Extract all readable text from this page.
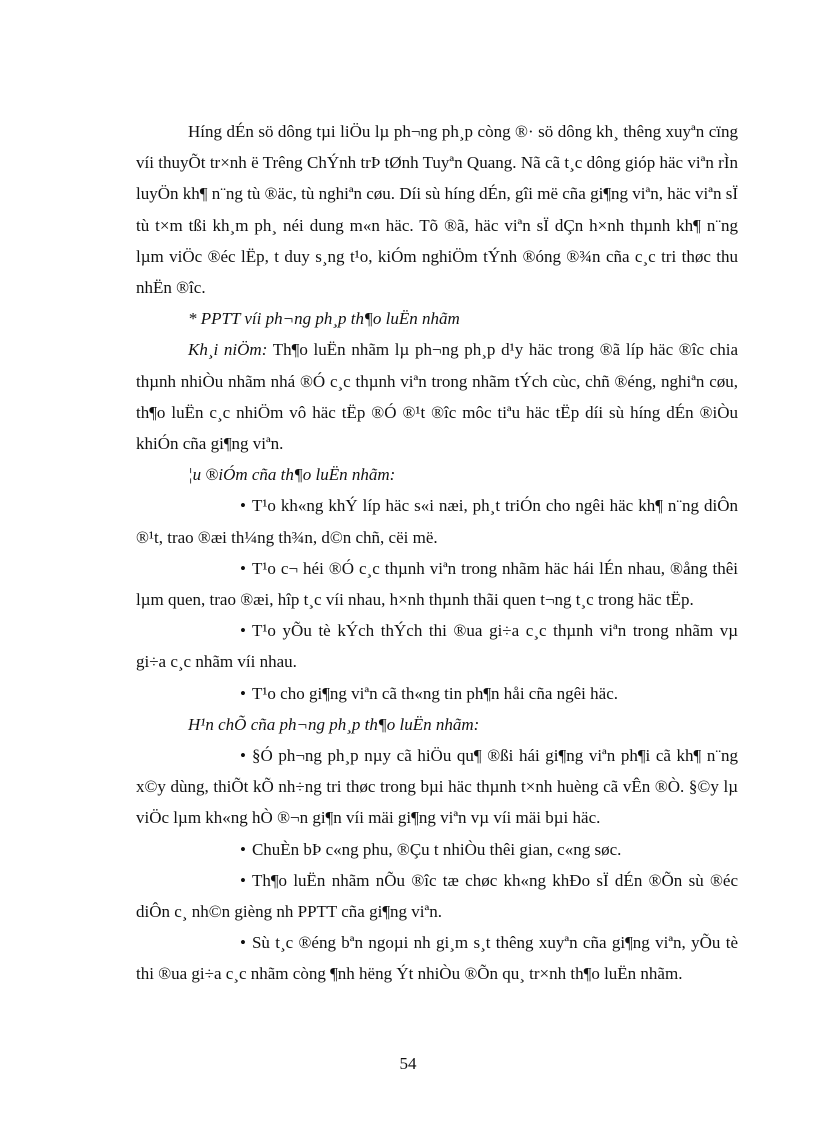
Híng dÉn sö dông tµi liÖu lµ ph¬ng ph¸p còng ®· sö dông kh¸ thêng xuyªn cïng víi thuyÕt tr×nh ë Trêng ChÝnh trÞ tØnh Tuyªn Quang. Nã cã t¸c dông gióp häc viªn rÌn luyÖn kh¶ n¨ng tù ®äc, tù nghiªn cøu. Díi sù híng dÉn, gîi më cña gi¶ng viªn, häc viªn sÏ tù t×m tßi kh¸m ph¸ néi dung m«n häc. Tõ ®ã, häc viªn sÏ dÇn h×nh thµnh kh¶ n¨ng lµm viÖc ®éc lËp, t duy s¸ng t¹o, kiÓm nghiÖm tÝnh ®óng ®¾n cña c¸c tri thøc thu nhËn ®îc.

* PPTT víi ph¬ng ph¸p th¶o luËn nhãm

Kh¸i niÖm: Th¶o luËn nhãm lµ ph¬ng ph¸p d¹y häc trong ®ã líp häc ®îc chia thµnh nhiÒu nhãm nhá ®Ó c¸c thµnh viªn trong nhãm tÝch cùc, chñ ®éng, nghiªn cøu, th¶o luËn c¸c nhiÖm vô häc tËp ®Ó ®¹t ®îc môc tiªu häc tËp díi sù híng dÉn ®iÒu khiÓn cña gi¶ng viªn.

¦u ®iÓm cña th¶o luËn nhãm:

• T¹o kh«ng khÝ líp häc s«i næi, ph¸t triÓn cho ngêi häc kh¶ n¨ng diÔn ®¹t, trao ®æi th¼ng th¾n, d©n chñ, cëi më.

• T¹o c¬ héi ®Ó c¸c thµnh viªn trong nhãm häc hái lÉn nhau, ®ång thêi lµm quen, trao ®æi, hîp t¸c víi nhau, h×nh thµnh thãi quen t¬ng t¸c trong häc tËp.

• T¹o yÕu tè kÝch thÝch thi ®ua gi÷a c¸c thµnh viªn trong nhãm vµ gi÷a c¸c nhãm víi nhau.

• T¹o cho gi¶ng viªn cã th«ng tin ph¶n håi cña ngêi häc.

H¹n chÕ cña ph¬ng ph¸p th¶o luËn nhãm:

• §Ó ph¬ng ph¸p nµy cã hiÖu qu¶ ®ßi hái gi¶ng viªn ph¶i cã kh¶ n¨ng x©y dùng, thiÕt kÕ nh÷ng tri thøc trong bµi häc thµnh t×nh huèng cã vÊn ®Ò. §©y lµ viÖc lµm kh«ng hÒ ®¬n gi¶n víi mäi gi¶ng viªn vµ víi mäi bµi häc.

• ChuÈn bÞ c«ng phu, ®Çu t nhiÒu thêi gian, c«ng søc.

• Th¶o luËn nhãm nÕu ®îc tæ chøc kh«ng khÐo sÏ dÉn ®Õn sù ®éc diÔn c¸ nh©n gièng nh PPTT cña gi¶ng viªn.

• Sù t¸c ®éng bªn ngoµi nh gi¸m s¸t thêng xuyªn cña gi¶ng viªn, yÕu tè thi ®ua gi÷a c¸c nhãm còng ¶nh hëng Ýt nhiÒu ®Õn qu¸ tr×nh th¶o luËn nhãm.

54
